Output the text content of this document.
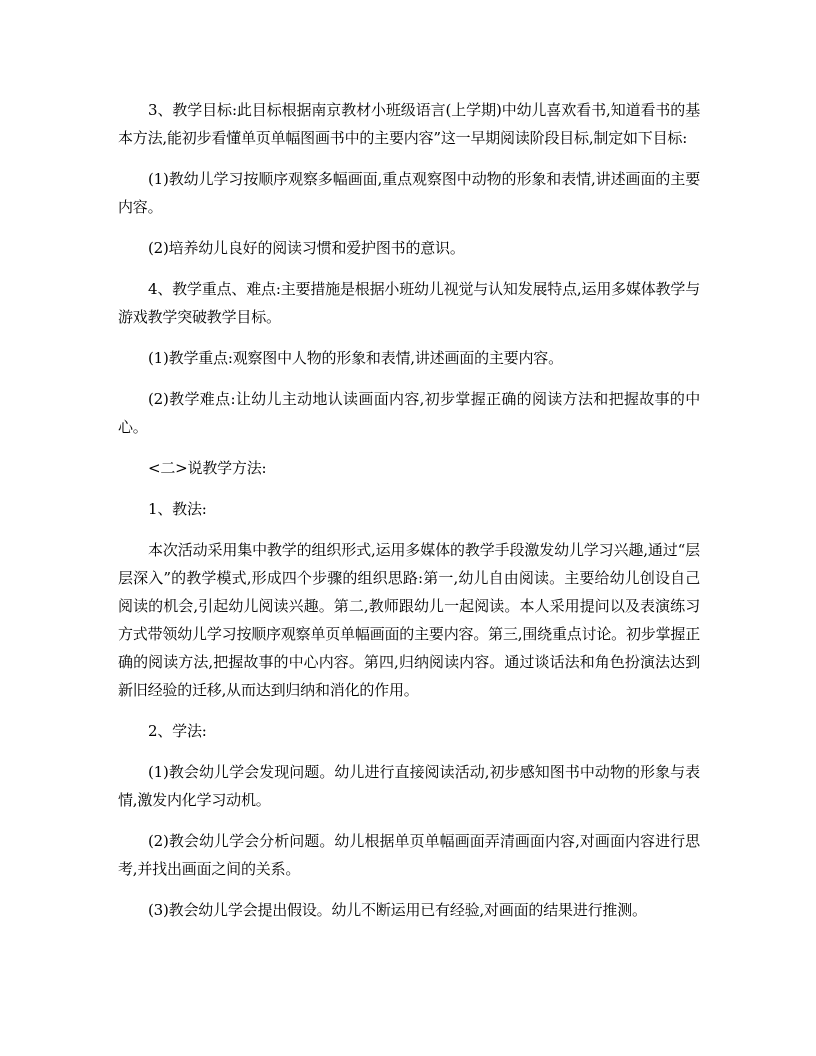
3、教学目标:此目标根据南京教材小班级语言(上学期)中幼儿喜欢看书,知道看书的基本方法,能初步看懂单页单幅图画书中的主要内容”这一早期阅读阶段目标,制定如下目标:

(1)教幼儿学习按顺序观察多幅画面,重点观察图中动物的形象和表情,讲述画面的主要内容。

(2)培养幼儿良好的阅读习惯和爱护图书的意识。

4、教学重点、难点:主要措施是根据小班幼儿视觉与认知发展特点,运用多媒体教学与游戏教学突破教学目标。

(1)教学重点:观察图中人物的形象和表情,讲述画面的主要内容。

(2)教学难点:让幼儿主动地认读画面内容,初步掌握正确的阅读方法和把握故事的中心。

<二>说教学方法:

1、教法:

本次活动采用集中教学的组织形式,运用多媒体的教学手段激发幼儿学习兴趣,通过“层层深入”的教学模式,形成四个步骤的组织思路:第一,幼儿自由阅读。主要给幼儿创设自己阅读的机会,引起幼儿阅读兴趣。第二,教师跟幼儿一起阅读。本人采用提问以及表演练习方式带领幼儿学习按顺序观察单页单幅画面的主要内容。第三,围绕重点讨论。初步掌握正确的阅读方法,把握故事的中心内容。第四,归纳阅读内容。通过谈话法和角色扮演法达到新旧经验的迁移,从而达到归纳和消化的作用。

2、学法:

(1)教会幼儿学会发现问题。幼儿进行直接阅读活动,初步感知图书中动物的形象与表情,激发内化学习动机。

(2)教会幼儿学会分析问题。幼儿根据单页单幅画面弄清画面内容,对画面内容进行思考,并找出画面之间的关系。

(3)教会幼儿学会提出假设。幼儿不断运用已有经验,对画面的结果进行推测。
